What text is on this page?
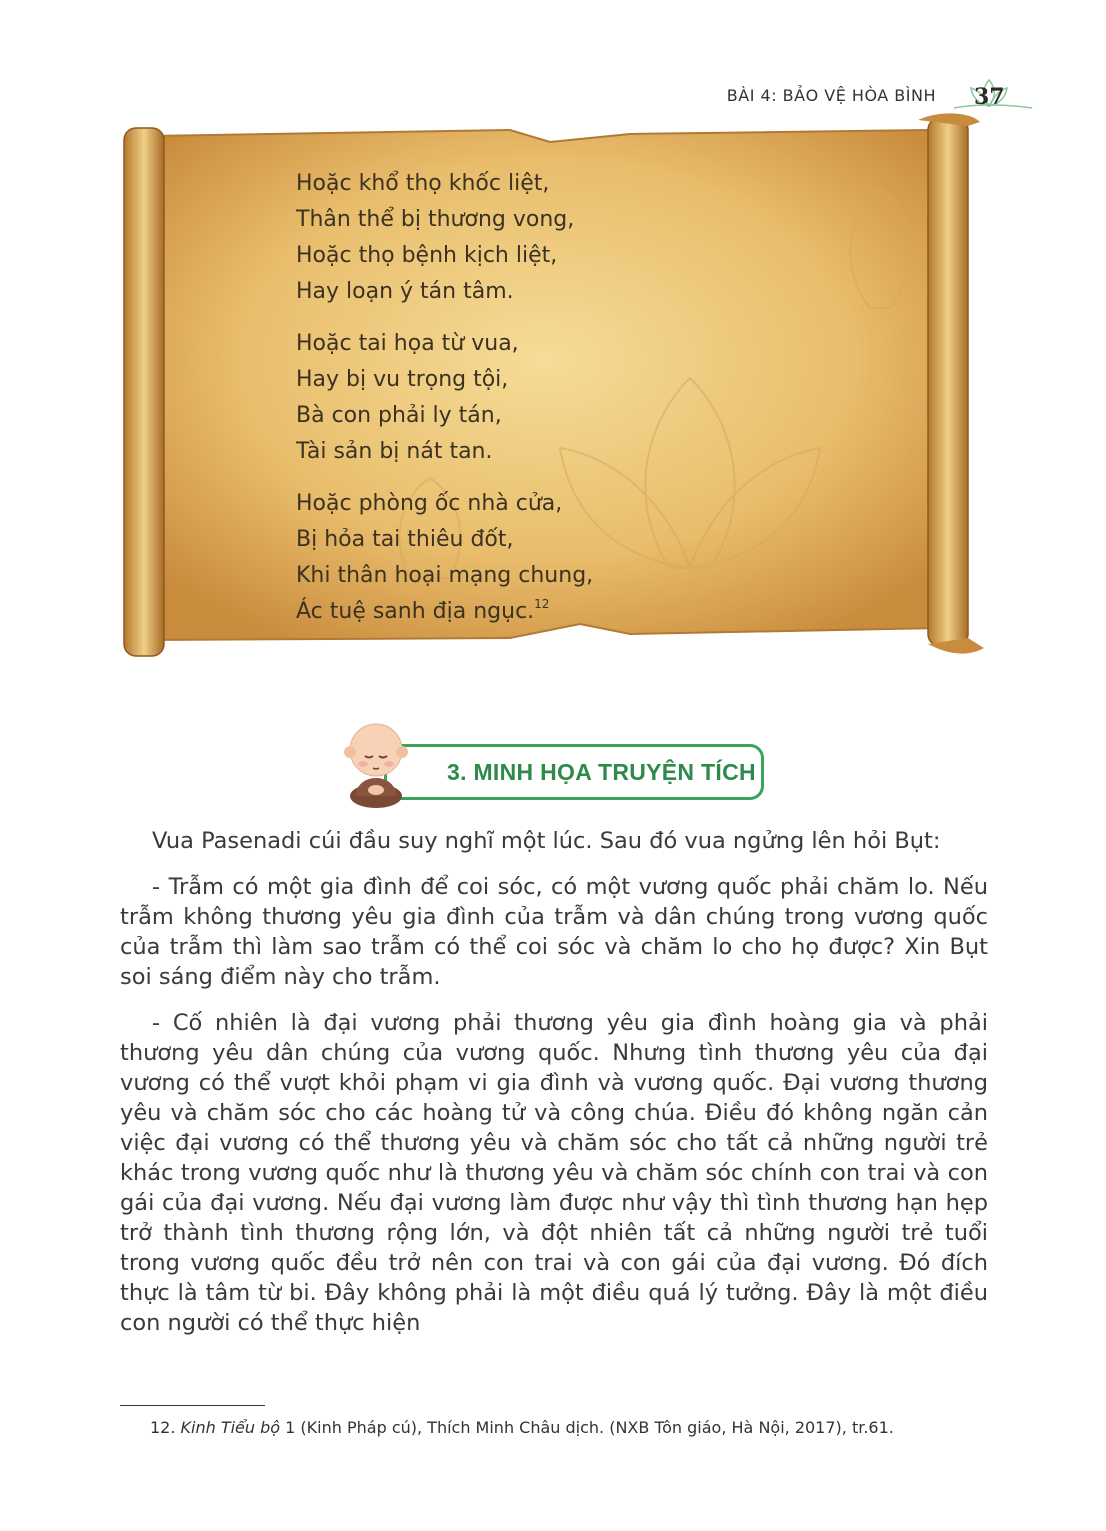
BÀI 4: BẢO VỆ HÒA BÌNH 37
Hoặc khổ thọ khốc liệt,
Thân thể bị thương vong,
Hoặc thọ bệnh kịch liệt,
Hay loạn ý tán tâm.
Hoặc tai họa từ vua,
Hay bị vu trọng tội,
Bà con phải ly tán,
Tài sản bị nát tan.
Hoặc phòng ốc nhà cửa,
Bị hỏa tai thiêu đốt,
Khi thân hoại mạng chung,
Ác tuệ sanh địa ngục.$^{12}$
3. MINH HỌA TRUYỆN TÍCH

Vua Pasenadi cúi đầu suy nghĩ một lúc. Sau đó vua ngửng lên hỏi Bụt:

- Trẫm có một gia đình để coi sóc, có một vương quốc phải chăm lo. Nếu trẫm không thương yêu gia đình của trẫm và dân chúng trong vương quốc của trẫm thì làm sao trẫm có thể coi sóc và chăm lo cho họ được? Xin Bụt soi sáng điểm này cho trẫm.

- Cố nhiên là đại vương phải thương yêu gia đình hoàng gia và phải thương yêu dân chúng của vương quốc. Nhưng tình thương yêu của đại vương có thể vượt khỏi phạm vi gia đình và vương quốc. Đại vương thương yêu và chăm sóc cho các hoàng tử và công chúa. Điều đó không ngăn cản việc đại vương có thể thương yêu và chăm sóc cho tất cả những người trẻ khác trong vương quốc như là thương yêu và chăm sóc chính con trai và con gái của đại vương. Nếu đại vương làm được như vậy thì tình thương hạn hẹp trở thành tình thương rộng lớn, và đột nhiên tất cả những người trẻ tuổi trong vương quốc đều trở nên con trai và con gái của đại vương. Đó đích thực là tâm từ bi. Đây không phải là một điều quá lý tưởng. Đây là một điều con người có thể thực hiện

12. Kinh Tiểu bộ 1 (Kinh Pháp cú), Thích Minh Châu dịch. (NXB Tôn giáo, Hà Nội, 2017), tr.61.
